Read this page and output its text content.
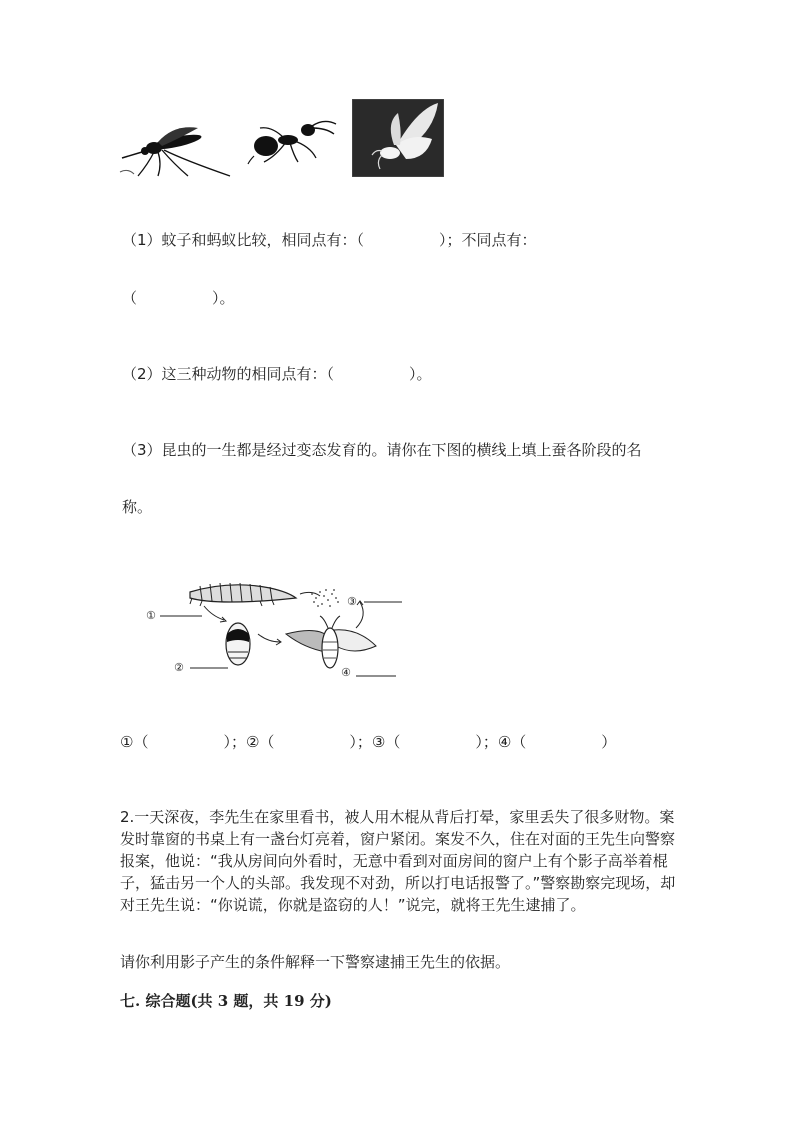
（1）蚊子和蚂蚁比较，相同点有：（　　　　　）；不同点有：
（　　　　　）。
（2）这三种动物的相同点有：（　　　　　）。
（3）昆虫的一生都是经过变态发育的。请你在下图的横线上填上蚕各阶段的名
称。
①
②
③
④
①（　　　　　）；②（　　　　　）；③（　　　　　）；④（　　　　　）
2.一天深夜，李先生在家里看书，被人用木棍从背后打晕，家里丢失了很多财物。案发时靠窗的书桌上有一盏台灯亮着，窗户紧闭。案发不久，住在对面的王先生向警察报案，他说：“我从房间向外看时，无意中看到对面房间的窗户上有个影子高举着棍子，猛击另一个人的头部。我发现不对劲，所以打电话报警了。”警察勘察完现场，却对王先生说：“你说谎，你就是盗窃的人！”说完，就将王先生逮捕了。
请你利用影子产生的条件解释一下警察逮捕王先生的依据。
七. 综合题(共 3 题，共 19 分)
